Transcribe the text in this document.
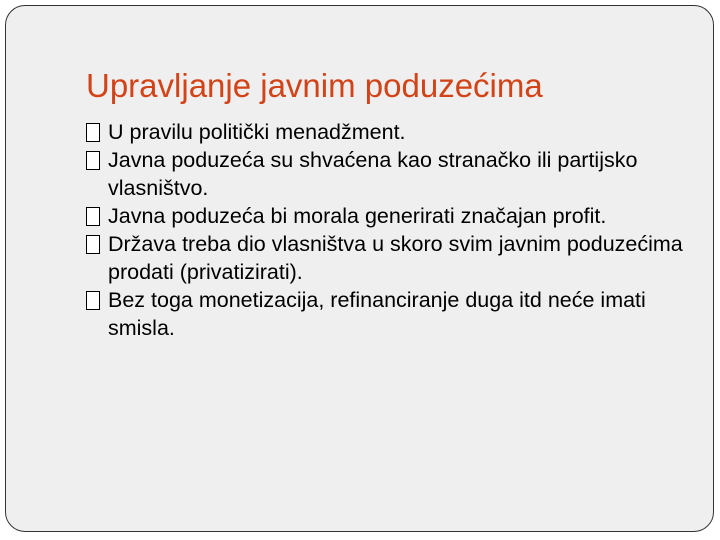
Upravljanje javnim poduzećima
U pravilu politički menadžment.
Javna poduzeća su shvaćena kao stranačko ili partijsko vlasništvo.
Javna poduzeća bi morala generirati značajan profit.
Država treba dio vlasništva u skoro svim javnim poduzećima prodati (privatizirati).
Bez toga monetizacija, refinanciranje duga itd neće imati smisla.
